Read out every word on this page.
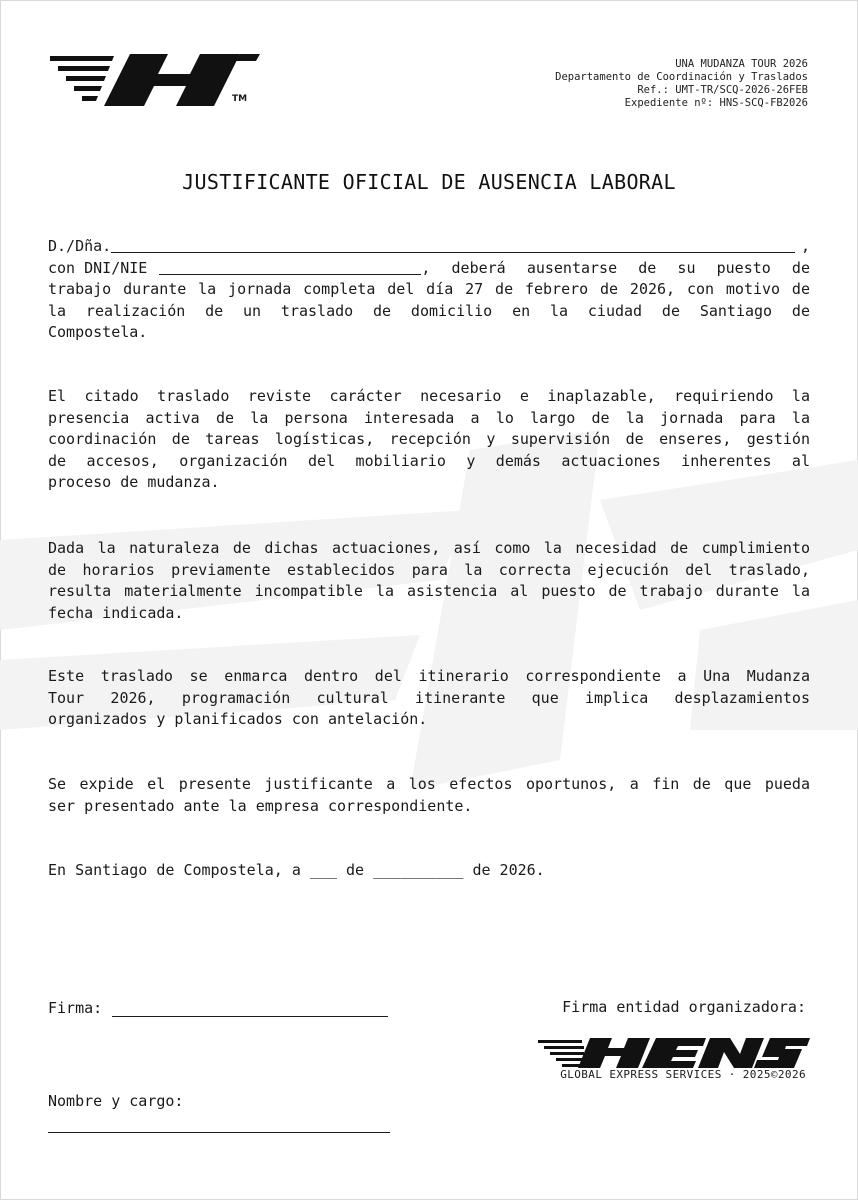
TM
UNA MUDANZA TOUR 2026
Departamento de Coordinación y Traslados
Ref.: UMT-TR/SCQ-2026-26FEB
Expediente nº: HNS-SCQ-FB2026
JUSTIFICANTE OFICIAL DE AUSENCIA LABORAL
D./Dña.	,
con DNI/NIE	, deberá ausentarse de su puesto de
trabajo durante la jornada completa del día 27 de febrero de 2026, con motivo de
la realización de un traslado de domicilio en la ciudad de Santiago de
Compostela.
El citado traslado reviste carácter necesario e inaplazable, requiriendo la
presencia activa de la persona interesada a lo largo de la jornada para la
coordinación de tareas logísticas, recepción y supervisión de enseres, gestión
de accesos, organización del mobiliario y demás actuaciones inherentes al
proceso de mudanza.
Dada la naturaleza de dichas actuaciones, así como la necesidad de cumplimiento
de horarios previamente establecidos para la correcta ejecución del traslado,
resulta materialmente incompatible la asistencia al puesto de trabajo durante la
fecha indicada.
Este traslado se enmarca dentro del itinerario correspondiente a Una Mudanza
Tour 2026, programación cultural itinerante que implica desplazamientos
organizados y planificados con antelación.
Se expide el presente justificante a los efectos oportunos, a fin de que pueda
ser presentado ante la empresa correspondiente.
En Santiago de Compostela, a ___ de __________ de 2026.
Firma:	Firma entidad organizadora:
GLOBAL EXPRESS SERVICES · 2025©2026
Nombre y cargo:
